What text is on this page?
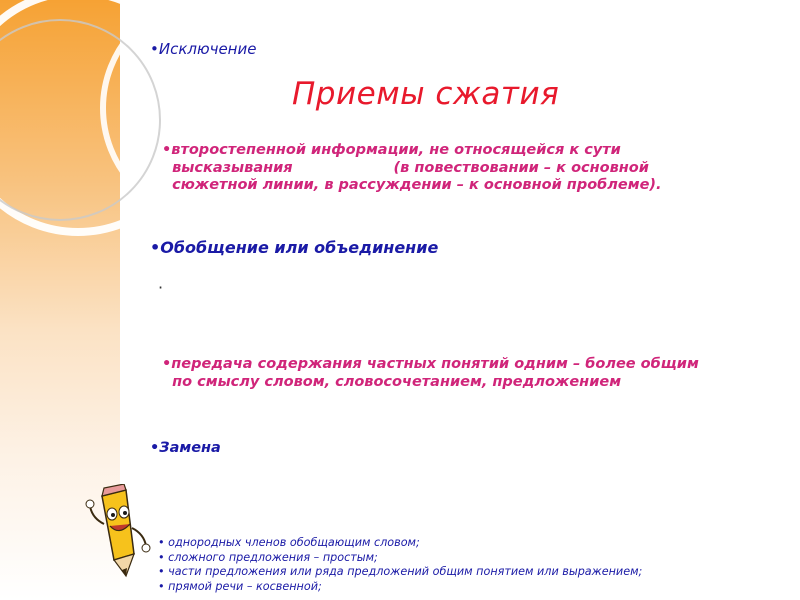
•Исключение
Приемы сжатия
•второстепенной информации, не относящейся к сути
высказывания                    (в повествовании – к основной
сюжетной линии, в рассуждении – к основной проблеме).
•Обобщение или объединение
·
•передача содержания частных понятий одним – более общим
по смыслу словом, словосочетанием, предложением
•Замена
• однородных членов обобщающим словом;
• сложного предложения – простым;
• части предложения или ряда предложений общим понятием или выражением;
• прямой речи – косвенной;
